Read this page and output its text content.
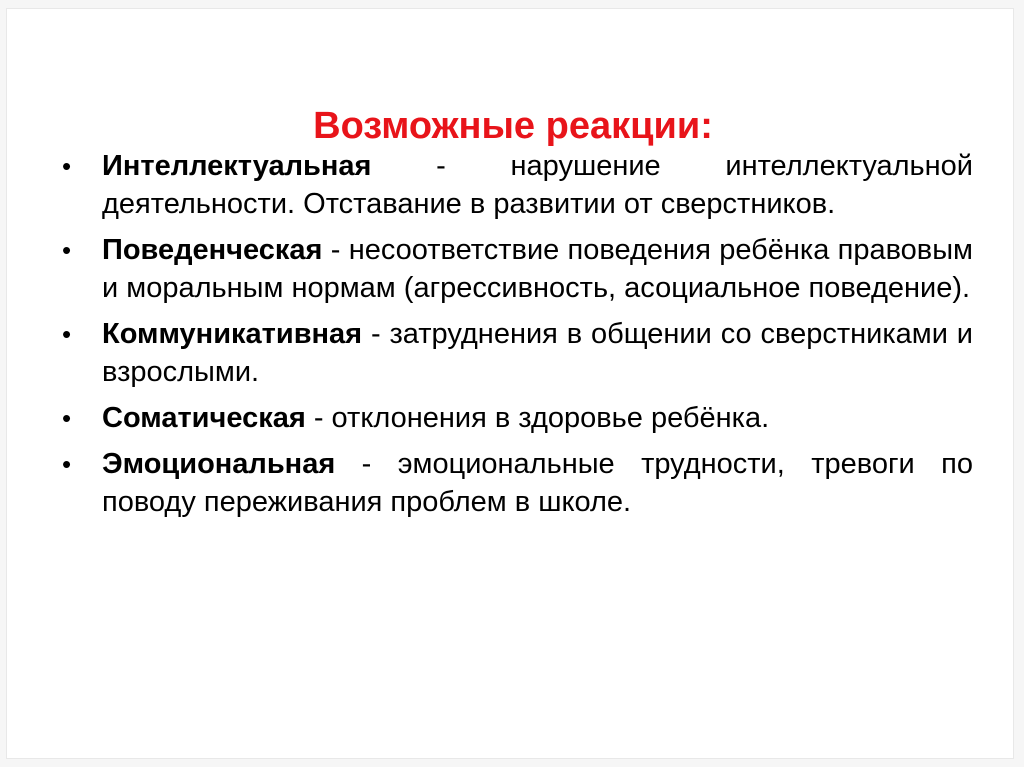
Возможные реакции:
• Интеллектуальная - нарушение интеллектуальной деятельности. Отставание в развитии от сверстников.
• Поведенческая - несоответствие поведения ребёнка правовым и моральным нормам (агрессивность, асоциальное поведение).
• Коммуникативная - затруднения в общении со сверстниками и взрослыми.
• Соматическая - отклонения в здоровье ребёнка.
• Эмоциональная - эмоциональные трудности, тревоги по поводу переживания проблем в школе.
